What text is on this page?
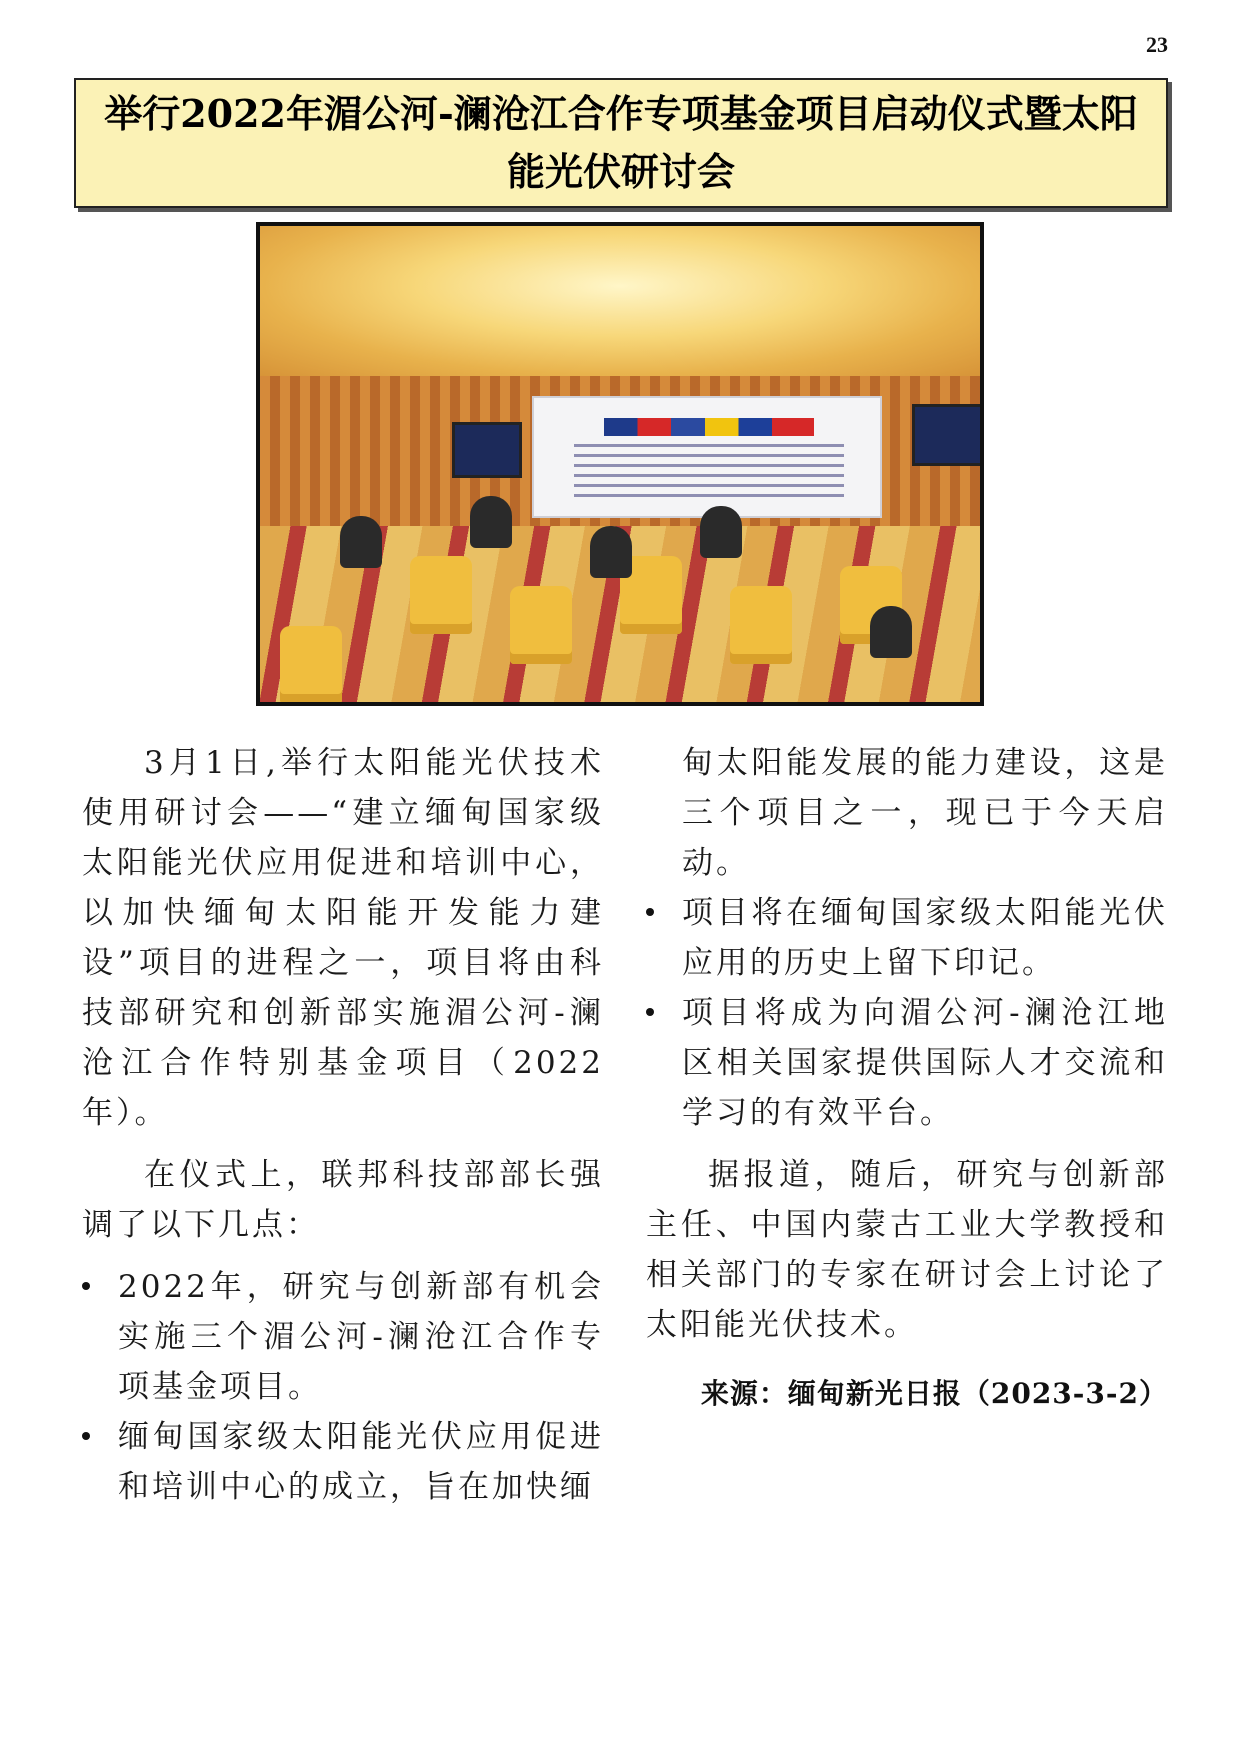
23
举行2022年湄公河-澜沧江合作专项基金项目启动仪式暨太阳能光伏研讨会

3月1日,举行太阳能光伏技术使用研讨会——“建立缅甸国家级太阳能光伏应用促进和培训中心，以加快缅甸太阳能开发能力建设”项目的进程之一，项目将由科技部研究和创新部实施湄公河-澜沧江合作特别基金项目（2022年）。

在仪式上，联邦科技部部长强调了以下几点：

2022年，研究与创新部有机会实施三个湄公河-澜沧江合作专项基金项目。
缅甸国家级太阳能光伏应用促进和培训中心的成立，旨在加快缅

甸太阳能发展的能力建设，这是三个项目之一，现已于今天启动。

项目将在缅甸国家级太阳能光伏应用的历史上留下印记。
项目将成为向湄公河-澜沧江地区相关国家提供国际人才交流和学习的有效平台。

据报道，随后，研究与创新部主任、中国内蒙古工业大学教授和相关部门的专家在研讨会上讨论了太阳能光伏技术。

来源：缅甸新光日报（2023-3-2）
